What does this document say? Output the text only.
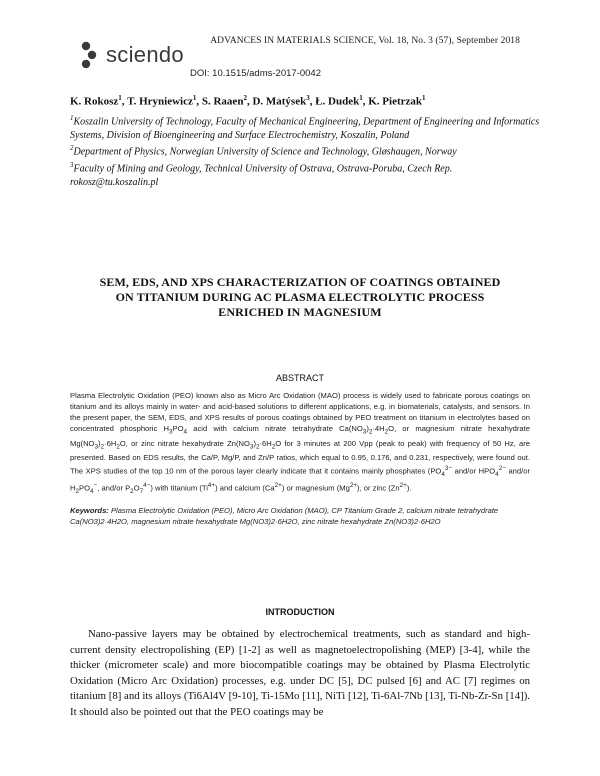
ADVANCES IN MATERIALS SCIENCE, Vol. 18, No. 3 (57), September 2018
sciendo
DOI: 10.1515/adms-2017-0042
K. Rokosz$^1$, T. Hryniewicz$^1$, S. Raaen$^2$, D. Matýsek$^3$, Ł. Dudek$^1$, K. Pietrzak$^1$

$^1$Koszalin University of Technology, Faculty of Mechanical Engineering, Department of Engineering and Informatics Systems, Division of Bioengineering and Surface Electrochemistry, Koszalin, Poland

$^2$Department of Physics, Norwegian University of Science and Technology, Gløshaugen, Norway

$^3$Faculty of Mining and Geology, Technical University of Ostrava, Ostrava-Poruba, Czech Rep.

rokosz@tu.koszalin.pl

SEM, EDS, AND XPS CHARACTERIZATION OF COATINGS OBTAINED
ON TITANIUM DURING AC PLASMA ELECTROLYTIC PROCESS
ENRICHED IN MAGNESIUM
ABSTRACT
Plasma Electrolytic Oxidation (PEO) known also as Micro Arc Oxidation (MAO) process is widely used to fabricate porous coatings on titanium and its alloys mainly in water- and acid-based solutions to different applications, e.g. in biomaterials, catalysts, and sensors. In the present paper, the SEM, EDS, and XPS results of porous coatings obtained by PEO treatment on titanium in electrolytes based on concentrated phosphoric $H_3PO_4$ acid with calcium nitrate tetrahydrate $Ca(NO_3)_2\cdot 4H_2O$, or magnesium nitrate hexahydrate $Mg(NO_3)_2\cdot 6H_2O$, or zinc nitrate hexahydrate $Zn(NO_3)_2\cdot 6H_2O$ for 3 minutes at 200 Vpp (peak to peak) with frequency of 50 Hz, are presented. Based on EDS results, the Ca/P, Mg/P, and Zn/P ratios, which equal to 0.95, 0.176, and 0.231, respectively, were found out. The XPS studies of the top 10 nm of the porous layer clearly indicate that it contains mainly phosphates ($PO_4^{3-}$ and/or $HPO_4^{2-}$ and/or $H_2PO_4^-$, and/or $P_2O_7^{4-}$) with titanium $(Ti^{4+})$ and calcium $(Ca^{2+})$ or magnesium $(Mg^{2+})$, or zinc $(Zn^{2+})$.
Keywords: Plasma Electrolytic Oxidation (PEO), Micro Arc Oxidation (MAO), CP Titanium Grade 2, calcium nitrate tetrahydrate Ca(NO3)2·4H2O, magnesium nitrate hexahydrate Mg(NO3)2·6H2O, zinc nitrate hexahydrate Zn(NO3)2·6H2O
INTRODUCTION
Nano-passive layers may be obtained by electrochemical treatments, such as standard and high-current density electropolishing (EP) [1-2] as well as magnetoelectropolishing (MEP) [3-4], while the thicker (micrometer scale) and more biocompatible coatings may be obtained by Plasma Electrolytic Oxidation (Micro Arc Oxidation) processes, e.g. under DC [5], DC pulsed [6] and AC [7] regimes on titanium [8] and its alloys (Ti6Al4V [9-10], Ti-15Mo [11], NiTi [12], Ti-6Al-7Nb [13], Ti-Nb-Zr-Sn [14]). It should also be pointed out that the PEO coatings may be
